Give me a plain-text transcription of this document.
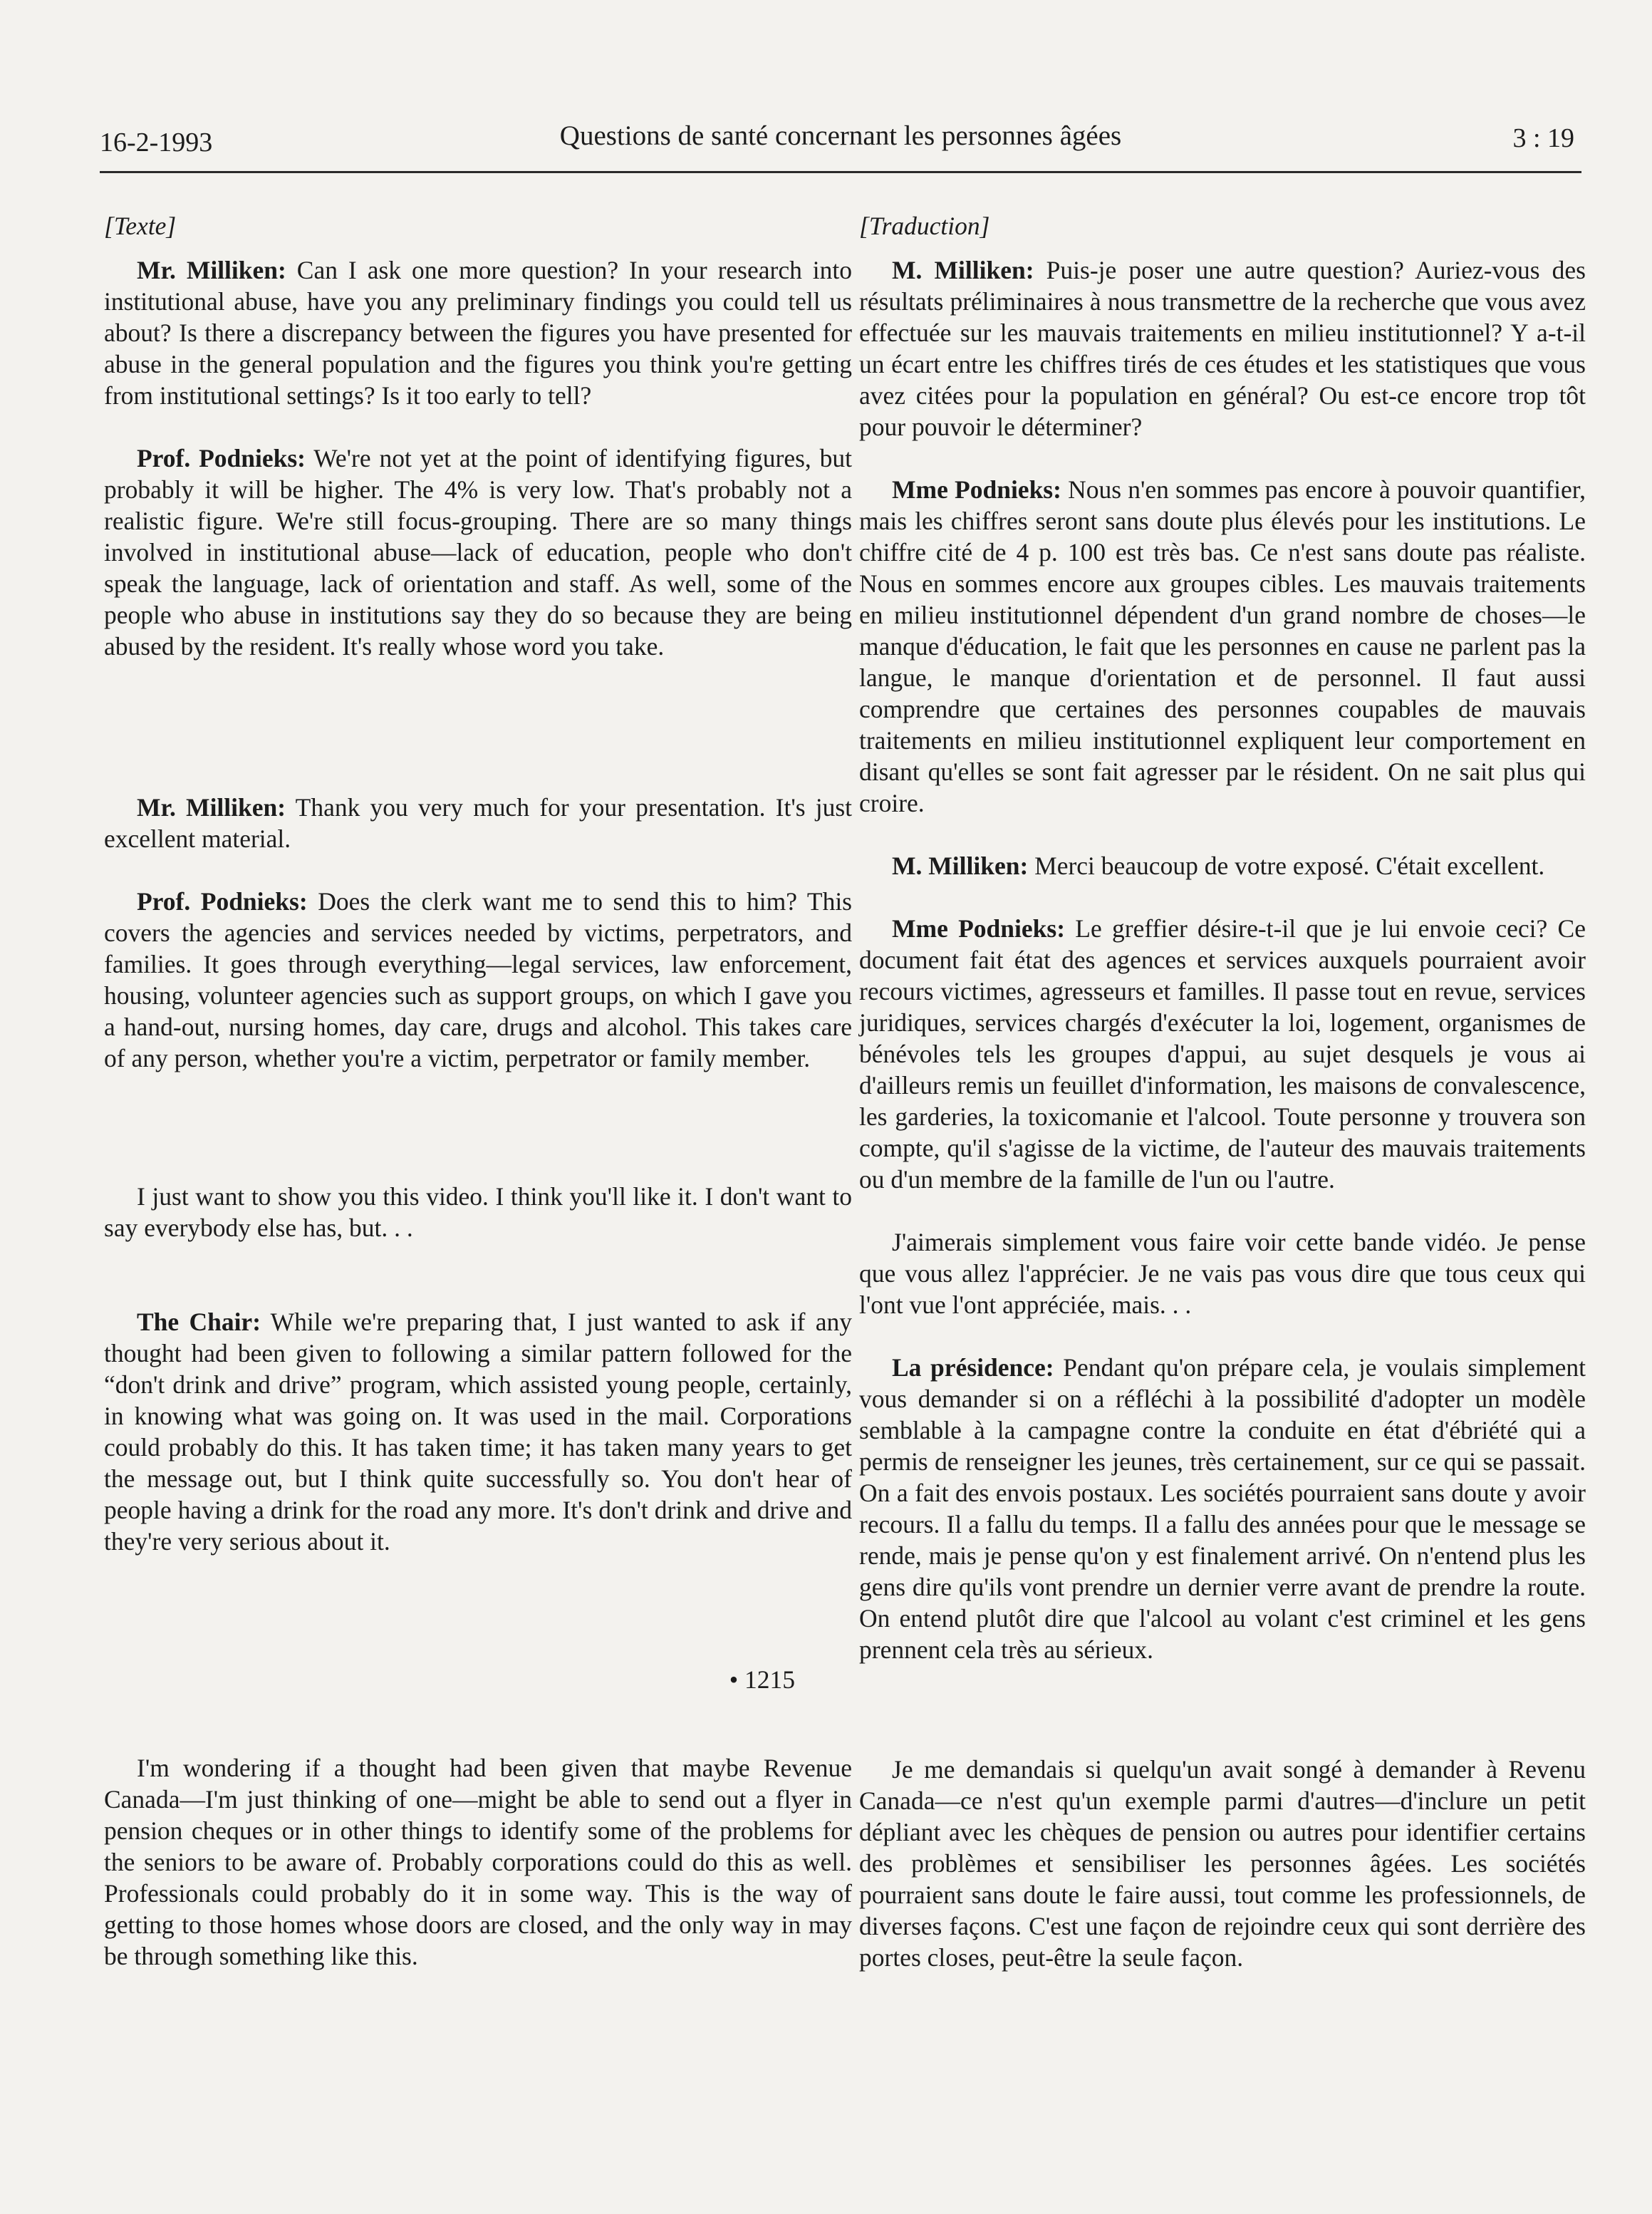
16-2-1993	Questions de santé concernant les personnes âgées	3 : 19

[Texte]

Mr. Milliken: Can I ask one more question? In your research into institutional abuse, have you any preliminary findings you could tell us about? Is there a discrepancy between the figures you have presented for abuse in the general population and the figures you think you're getting from institutional settings? Is it too early to tell?

Prof. Podnieks: We're not yet at the point of identifying figures, but probably it will be higher. The 4% is very low. That's probably not a realistic figure. We're still focus-grouping. There are so many things involved in institutional abuse—lack of education, people who don't speak the language, lack of orientation and staff. As well, some of the people who abuse in institutions say they do so because they are being abused by the resident. It's really whose word you take.

Mr. Milliken: Thank you very much for your presentation. It's just excellent material.

Prof. Podnieks: Does the clerk want me to send this to him? This covers the agencies and services needed by victims, perpetrators, and families. It goes through everything—legal services, law enforcement, housing, volunteer agencies such as support groups, on which I gave you a hand-out, nursing homes, day care, drugs and alcohol. This takes care of any person, whether you're a victim, perpetrator or family member.

I just want to show you this video. I think you'll like it. I don't want to say everybody else has, but. . .

The Chair: While we're preparing that, I just wanted to ask if any thought had been given to following a similar pattern followed for the “don't drink and drive” program, which assisted young people, certainly, in knowing what was going on. It was used in the mail. Corporations could probably do this. It has taken time; it has taken many years to get the message out, but I think quite successfully so. You don't hear of people having a drink for the road any more. It's don't drink and drive and they're very serious about it.

• 1215

I'm wondering if a thought had been given that maybe Revenue Canada—I'm just thinking of one—might be able to send out a flyer in pension cheques or in other things to identify some of the problems for the seniors to be aware of. Probably corporations could do this as well. Professionals could probably do it in some way. This is the way of getting to those homes whose doors are closed, and the only way in may be through something like this.

[Traduction]

M. Milliken: Puis-je poser une autre question? Auriez-vous des résultats préliminaires à nous transmettre de la recherche que vous avez effectuée sur les mauvais traitements en milieu institutionnel? Y a-t-il un écart entre les chiffres tirés de ces études et les statistiques que vous avez citées pour la population en général? Ou est-ce encore trop tôt pour pouvoir le déterminer?

Mme Podnieks: Nous n'en sommes pas encore à pouvoir quantifier, mais les chiffres seront sans doute plus élevés pour les institutions. Le chiffre cité de 4 p. 100 est très bas. Ce n'est sans doute pas réaliste. Nous en sommes encore aux groupes cibles. Les mauvais traitements en milieu institutionnel dépendent d'un grand nombre de choses—le manque d'éducation, le fait que les personnes en cause ne parlent pas la langue, le manque d'orientation et de personnel. Il faut aussi comprendre que certaines des personnes coupables de mauvais traitements en milieu institutionnel expliquent leur comportement en disant qu'elles se sont fait agresser par le résident. On ne sait plus qui croire.

M. Milliken: Merci beaucoup de votre exposé. C'était excellent.

Mme Podnieks: Le greffier désire-t-il que je lui envoie ceci? Ce document fait état des agences et services auxquels pourraient avoir recours victimes, agresseurs et familles. Il passe tout en revue, services juridiques, services chargés d'exécuter la loi, logement, organismes de bénévoles tels les groupes d'appui, au sujet desquels je vous ai d'ailleurs remis un feuillet d'information, les maisons de convalescence, les garderies, la toxicomanie et l'alcool. Toute personne y trouvera son compte, qu'il s'agisse de la victime, de l'auteur des mauvais traitements ou d'un membre de la famille de l'un ou l'autre.

J'aimerais simplement vous faire voir cette bande vidéo. Je pense que vous allez l'apprécier. Je ne vais pas vous dire que tous ceux qui l'ont vue l'ont appréciée, mais. . .

La présidence: Pendant qu'on prépare cela, je voulais simplement vous demander si on a réfléchi à la possibilité d'adopter un modèle semblable à la campagne contre la conduite en état d'ébriété qui a permis de renseigner les jeunes, très certainement, sur ce qui se passait. On a fait des envois postaux. Les sociétés pourraient sans doute y avoir recours. Il a fallu du temps. Il a fallu des années pour que le message se rende, mais je pense qu'on y est finalement arrivé. On n'entend plus les gens dire qu'ils vont prendre un dernier verre avant de prendre la route. On entend plutôt dire que l'alcool au volant c'est criminel et les gens prennent cela très au sérieux.

Je me demandais si quelqu'un avait songé à demander à Revenu Canada—ce n'est qu'un exemple parmi d'autres—d'inclure un petit dépliant avec les chèques de pension ou autres pour identifier certains des problèmes et sensibiliser les personnes âgées. Les sociétés pourraient sans doute le faire aussi, tout comme les professionnels, de diverses façons. C'est une façon de rejoindre ceux qui sont derrière des portes closes, peut-être la seule façon.
